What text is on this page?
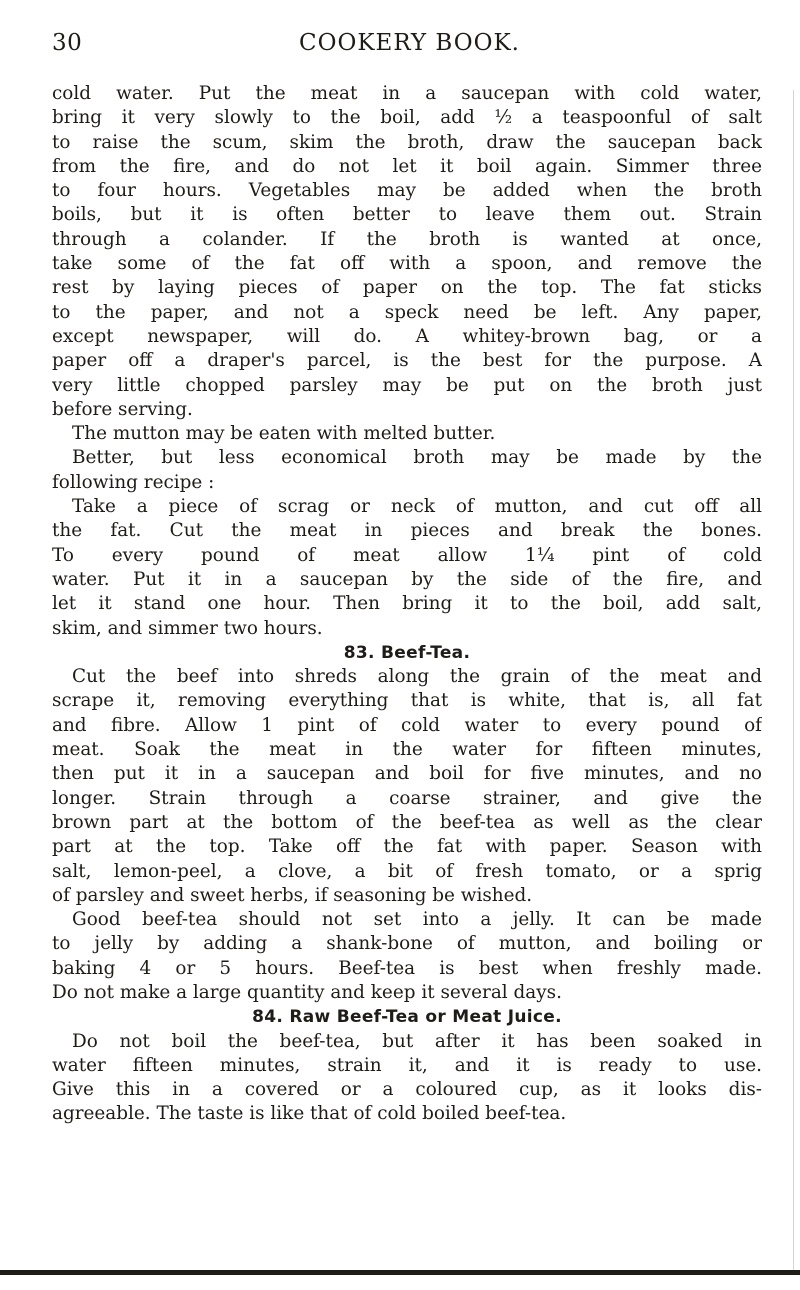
30	COOKERY BOOK.
cold water. Put the meat in a saucepan with cold water,
bring it very slowly to the boil, add ½ a teaspoonful of salt
to raise the scum, skim the broth, draw the saucepan back
from the fire, and do not let it boil again. Simmer three
to four hours. Vegetables may be added when the broth
boils, but it is often better to leave them out. Strain
through a colander. If the broth is wanted at once,
take some of the fat off with a spoon, and remove the
rest by laying pieces of paper on the top. The fat sticks
to the paper, and not a speck need be left. Any paper,
except newspaper, will do. A whitey-brown bag, or a
paper off a draper's parcel, is the best for the purpose. A
very little chopped parsley may be put on the broth just
before serving.
The mutton may be eaten with melted butter.
Better, but less economical broth may be made by the
following recipe :
Take a piece of scrag or neck of mutton, and cut off all
the fat. Cut the meat in pieces and break the bones.
To every pound of meat allow 1¼ pint of cold
water. Put it in a saucepan by the side of the fire, and
let it stand one hour. Then bring it to the boil, add salt,
skim, and simmer two hours.
83. Beef-Tea.
Cut the beef into shreds along the grain of the meat and
scrape it, removing everything that is white, that is, all fat
and fibre. Allow 1 pint of cold water to every pound of
meat. Soak the meat in the water for fifteen minutes,
then put it in a saucepan and boil for five minutes, and no
longer. Strain through a coarse strainer, and give the
brown part at the bottom of the beef-tea as well as the clear
part at the top. Take off the fat with paper. Season with
salt, lemon-peel, a clove, a bit of fresh tomato, or a sprig
of parsley and sweet herbs, if seasoning be wished.
Good beef-tea should not set into a jelly. It can be made
to jelly by adding a shank-bone of mutton, and boiling or
baking 4 or 5 hours. Beef-tea is best when freshly made.
Do not make a large quantity and keep it several days.
84. Raw Beef-Tea or Meat Juice.
Do not boil the beef-tea, but after it has been soaked in
water fifteen minutes, strain it, and it is ready to use.
Give this in a covered or a coloured cup, as it looks dis-
agreeable. The taste is like that of cold boiled beef-tea.
